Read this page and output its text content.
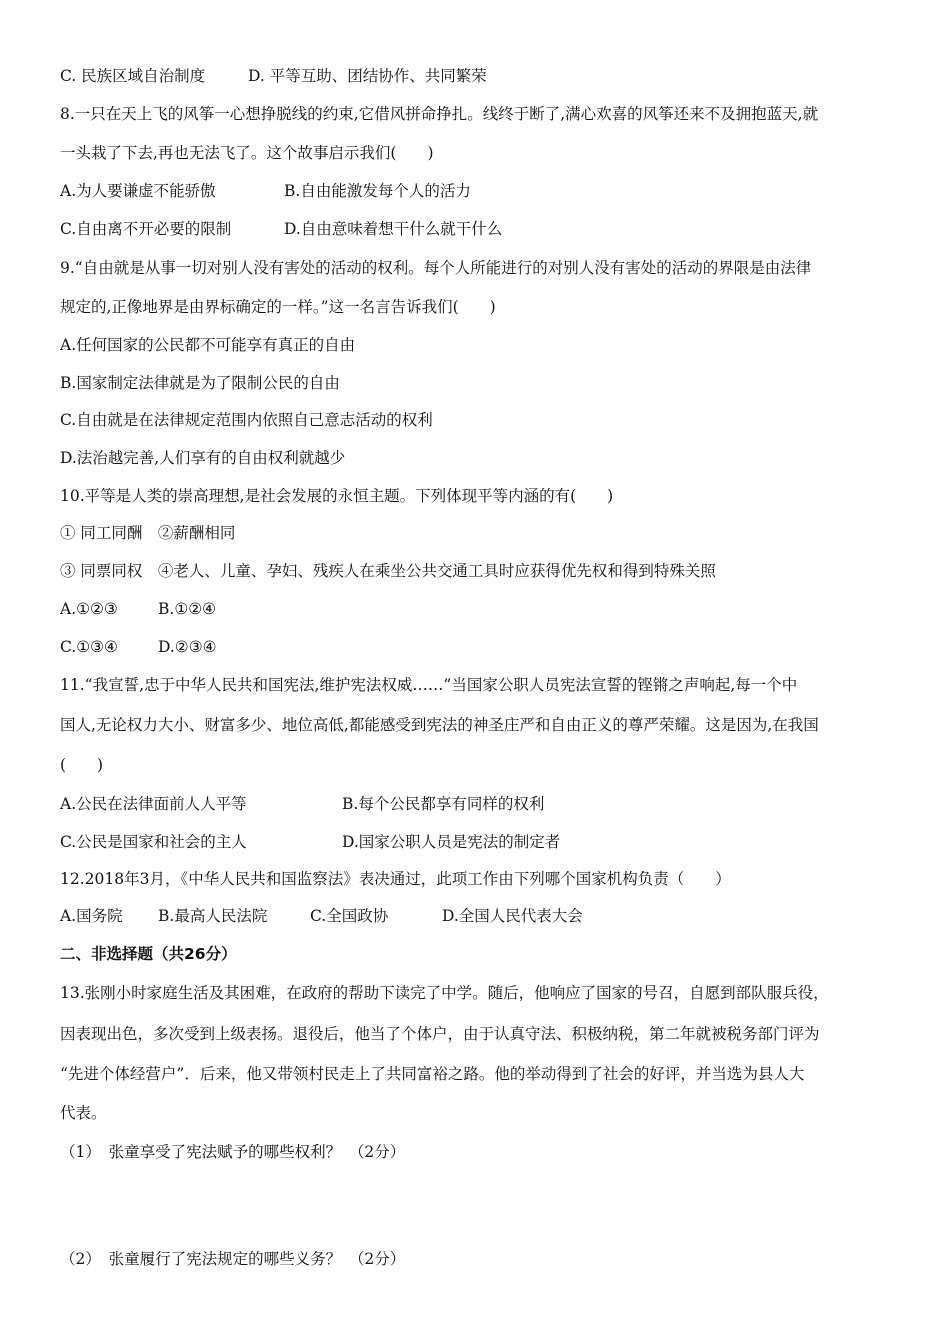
C. 民族区域自治制度	D. 平等互助、团结协作、共同繁荣
8.一只在天上飞的风筝一心想挣脱线的约束,它借风拼命挣扎。线终于断了,满心欢喜的风筝还来不及拥抱蓝天,就
一头栽了下去,再也无法飞了。这个故事启示我们(　　)
A.为人要谦虚不能骄傲	B.自由能激发每个人的活力
C.自由离不开必要的限制	D.自由意味着想干什么就干什么
9.“自由就是从事一切对别人没有害处的活动的权利。每个人所能进行的对别人没有害处的活动的界限是由法律
规定的,正像地界是由界标确定的一样。”这一名言告诉我们(　　)
A.任何国家的公民都不可能享有真正的自由
B.国家制定法律就是为了限制公民的自由
C.自由就是在法律规定范围内依照自己意志活动的权利
D.法治越完善,人们享有的自由权利就越少
10.平等是人类的崇高理想,是社会发展的永恒主题。下列体现平等内涵的有(　　)
① 同工同酬　②薪酬相同
③ 同票同权　④老人、儿童、孕妇、残疾人在乘坐公共交通工具时应获得优先权和得到特殊关照
A.①②③	B.①②④
C.①③④	D.②③④
11.“我宣誓,忠于中华人民共和国宪法,维护宪法权威……”当国家公职人员宪法宣誓的铿锵之声响起,每一个中
国人,无论权力大小、财富多少、地位高低,都能感受到宪法的神圣庄严和自由正义的尊严荣耀。这是因为,在我国
(　　)
A.公民在法律面前人人平等	B.每个公民都享有同样的权利
C.公民是国家和社会的主人	D.国家公职人员是宪法的制定者
12.2018年3月，《中华人民共和国监察法》表决通过，此项工作由下列哪个国家机构负责（　　）
A.国务院 B.最高人民法院	C.全国政协	D.全国人民代表大会
二、非选择题（共26分）
13.张刚小时家庭生活及其困难，在政府的帮助下读完了中学。随后，他响应了国家的号召，自愿到部队服兵役，
因表现出色，多次受到上级表扬。退役后，他当了个体户，由于认真守法、积极纳税，第二年就被税务部门评为
“先进个体经营户”．后来，他又带领村民走上了共同富裕之路。他的举动得到了社会的好评，并当选为县人大
代表。
（1）　张童享受了宪法赋予的哪些权利？　（2分）
（2）　张童履行了宪法规定的哪些义务？　（2分）
